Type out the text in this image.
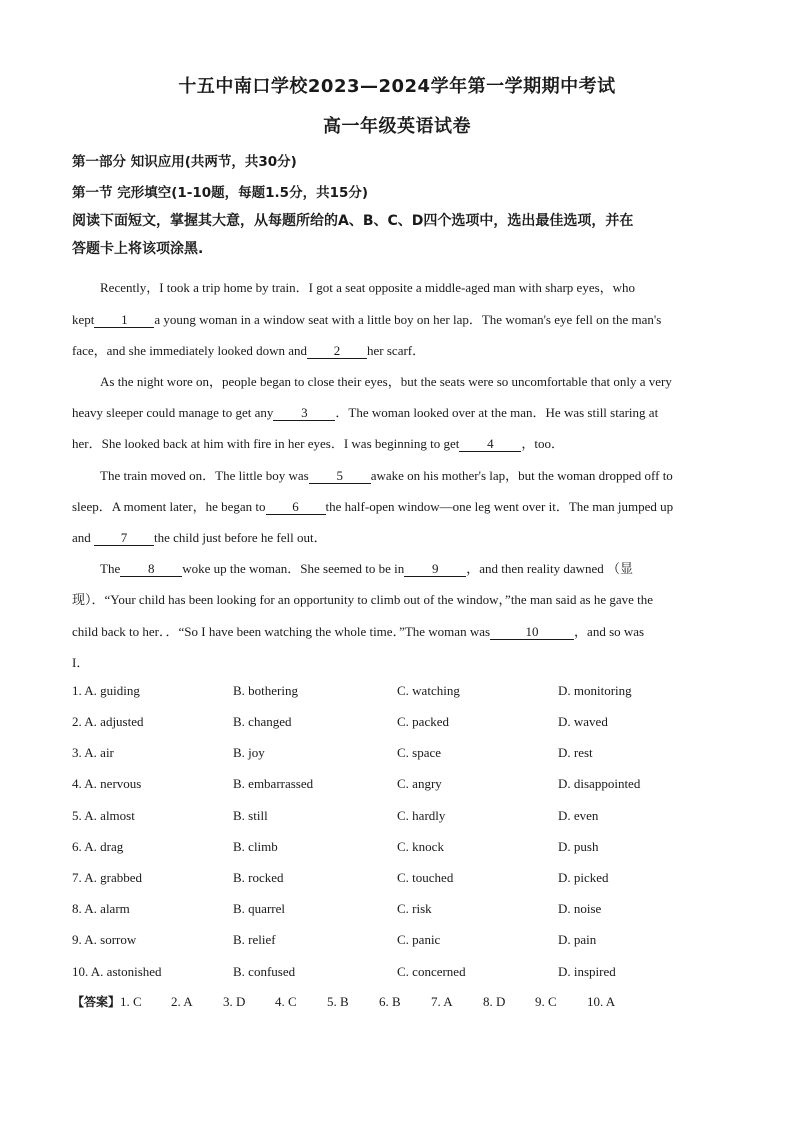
十五中南口学校2023—2024学年第一学期期中考试
高一年级英语试卷
第一部分 知识应用(共两节，共30分)
第一节 完形填空(1-10题，每题1.5分，共15分)
阅读下面短文，掌握其大意，从每题所给的A、B、C、D四个选项中，选出最佳选项，并在
答题卡上将该项涂黑.
Recently，I took a trip home by train．I got a seat opposite a middle-aged man with sharp eyes，who
kept 1 a young woman in a window seat with a little boy on her lap．The woman's eye fell on the man's
face，and she immediately looked down and 2 her scarf．
As the night wore on，people began to close their eyes，but the seats were so uncomfortable that only a very
heavy sleeper could manage to get any 3 ．The woman looked over at the man．He was still staring at
her．She looked back at him with fire in her eyes．I was beginning to get 4 ，too．
The train moved on．The little boy was 5 awake on his mother's lap，but the woman dropped off to
sleep．A moment later，he began to 6 the half-open window—one leg went over it．The man jumped up
and 7 the child just before he fell out．
The 8 woke up the woman．She seemed to be in 9 ，and then reality dawned （显
现）．“Your child has been looking for an opportunity to climb out of the window，”the man said as he gave the
child back to her．．“So I have been watching the whole time．”The woman was	10	，and so was
I．
1. A. guiding	B. bothering	C. watching	D. monitoring
2. A. adjusted	B. changed	C. packed	D. waved
3. A. air	B. joy	C. space	D. rest
4. A. nervous	B. embarrassed	C. angry	D. disappointed
5. A. almost	B. still	C. hardly	D. even
6. A. drag	B. climb	C. knock	D. push
7. A. grabbed	B. rocked	C. touched	D. picked
8. A. alarm	B. quarrel	C. risk	D. noise
9. A. sorrow	B. relief	C. panic	D. pain
10. A. astonished	B. confused	C. concerned	D. inspired
【答案】1. C 2. A 3. D 4. C 5. B 6. B 7. A 8. D 9. C 10. A
